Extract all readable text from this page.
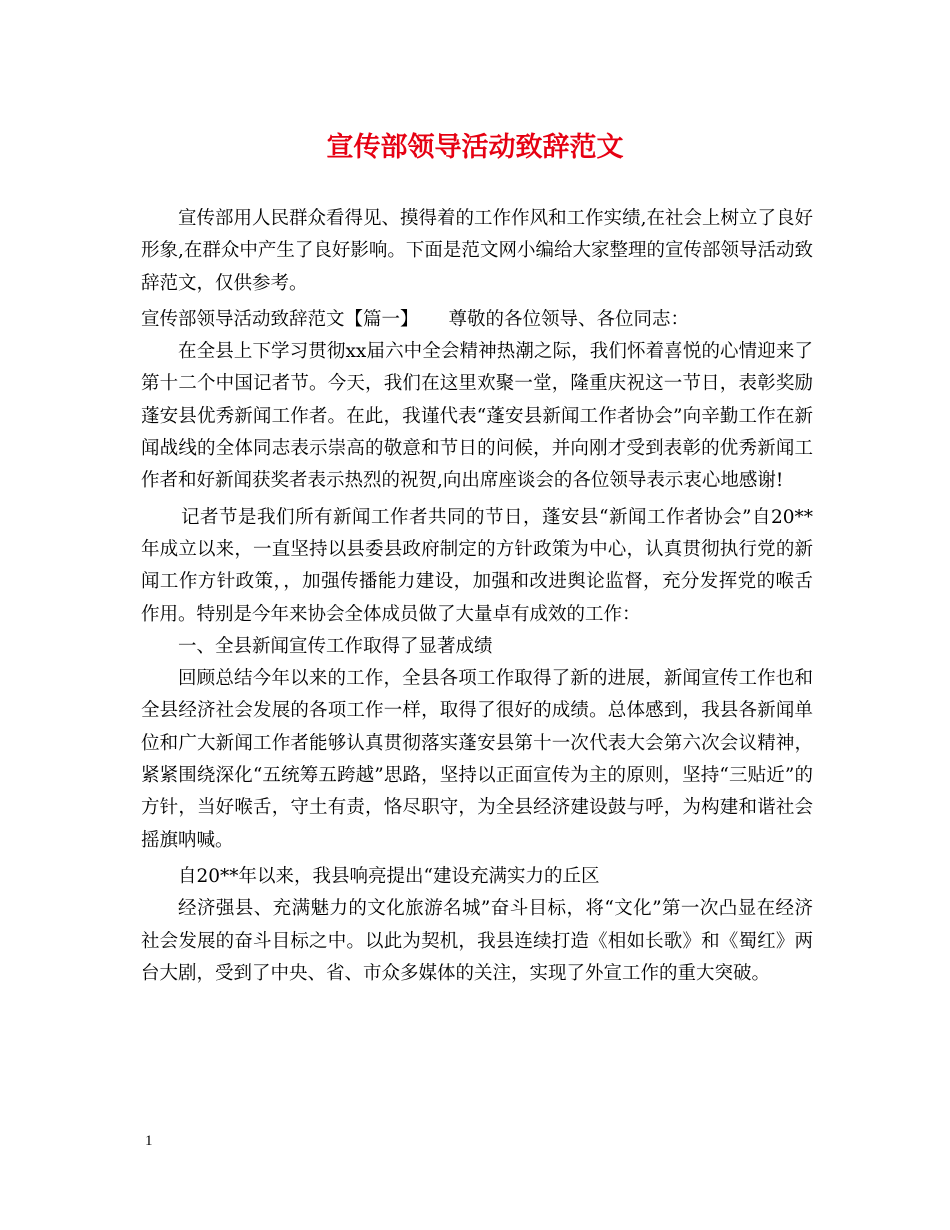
宣传部领导活动致辞范文

宣传部用人民群众看得见、摸得着的工作作风和工作实绩,在社会上树立了良好形象,在群众中产生了良好影响。下面是范文网小编给大家整理的宣传部领导活动致辞范文，仅供参考。

宣传部领导活动致辞范文【篇一】 尊敬的各位领导、各位同志：

在全县上下学习贯彻xx届六中全会精神热潮之际，我们怀着喜悦的心情迎来了第十二个中国记者节。今天，我们在这里欢聚一堂，隆重庆祝这一节日，表彰奖励蓬安县优秀新闻工作者。在此，我谨代表“蓬安县新闻工作者协会”向辛勤工作在新闻战线的全体同志表示崇高的敬意和节日的问候，并向刚才受到表彰的优秀新闻工作者和好新闻获奖者表示热烈的祝贺,向出席座谈会的各位领导表示衷心地感谢!

记者节是我们所有新闻工作者共同的节日，蓬安县“新闻工作者协会”自20**年成立以来，一直坚持以县委县政府制定的方针政策为中心，认真贯彻执行党的新闻工作方针政策，，加强传播能力建设，加强和改进舆论监督，充分发挥党的喉舌作用。特别是今年来协会全体成员做了大量卓有成效的工作：

一、全县新闻宣传工作取得了显著成绩

回顾总结今年以来的工作，全县各项工作取得了新的进展，新闻宣传工作也和全县经济社会发展的各项工作一样，取得了很好的成绩。总体感到，我县各新闻单位和广大新闻工作者能够认真贯彻落实蓬安县第十一次代表大会第六次会议精神，紧紧围绕深化“五统筹五跨越”思路，坚持以正面宣传为主的原则，坚持“三贴近”的方针，当好喉舌，守土有责，恪尽职守，为全县经济建设鼓与呼，为构建和谐社会摇旗呐喊。

自20**年以来，我县响亮提出“建设充满实力的丘区

经济强县、充满魅力的文化旅游名城”奋斗目标，将“文化”第一次凸显在经济社会发展的奋斗目标之中。以此为契机，我县连续打造《相如长歌》和《蜀红》两台大剧，受到了中央、省、市众多媒体的关注，实现了外宣工作的重大突破。

1
